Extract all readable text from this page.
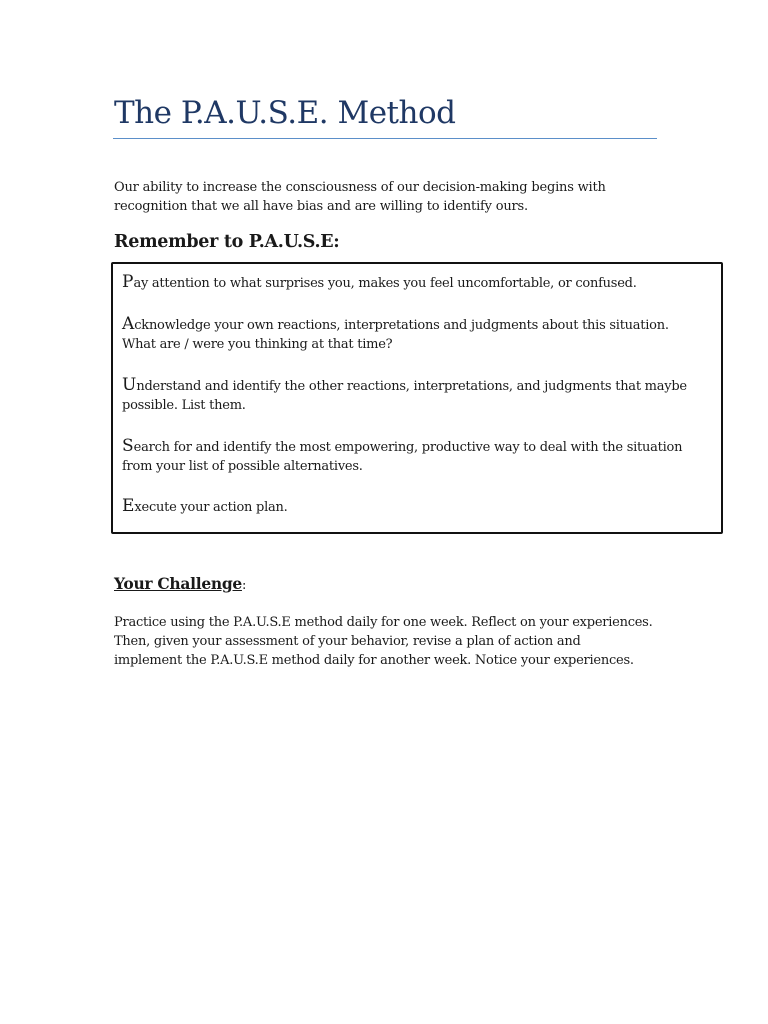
The P.A.U.S.E. Method

Our ability to increase the consciousness of our decision-making begins with
recognition that we all have bias and are willing to identify ours.

Remember to P.A.U.S.E:

Pay attention to what surprises you, makes you feel uncomfortable, or confused.

Acknowledge your own reactions, interpretations and judgments about this situation.
What are / were you thinking at that time?

Understand and identify the other reactions, interpretations, and judgments that maybe
possible. List them.

Search for and identify the most empowering, productive way to deal with the situation
from your list of possible alternatives.

Execute your action plan.

Your Challenge:

Practice using the P.A.U.S.E method daily for one week. Reflect on your experiences.
Then, given your assessment of your behavior, revise a plan of action and
implement the P.A.U.S.E method daily for another week. Notice your experiences.
